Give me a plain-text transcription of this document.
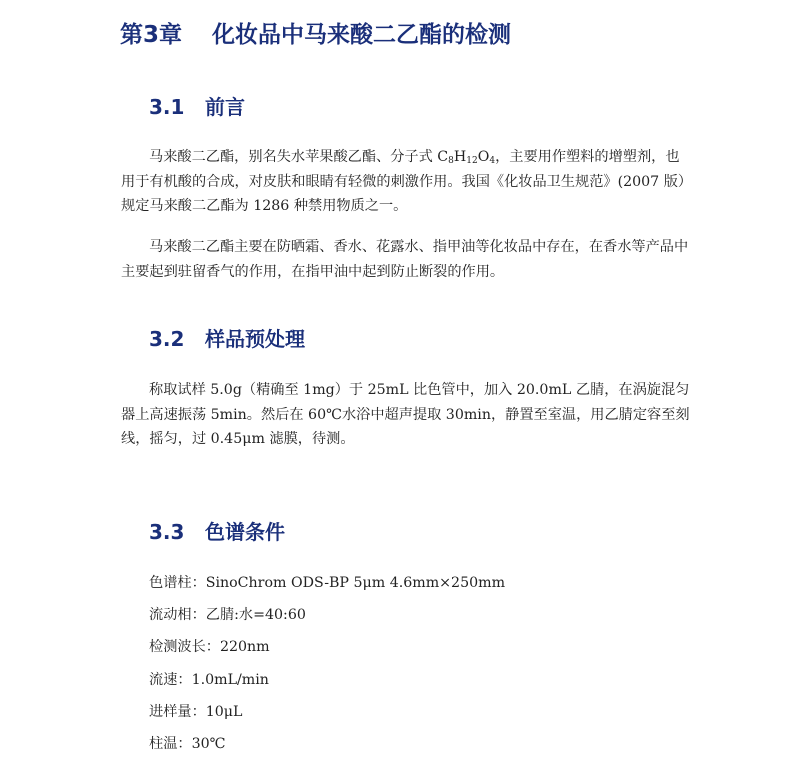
第3章 化妆品中马来酸二乙酯的检测
3.1 前言

马来酸二乙酯，别名失水苹果酸乙酯、分子式 $C_8H_{12}O_4$，主要用作塑料的增塑剂，也用于有机酸的合成，对皮肤和眼睛有轻微的刺激作用。我国《化妆品卫生规范》(2007 版）规定马来酸二乙酯为 1286 种禁用物质之一。

马来酸二乙酯主要在防晒霜、香水、花露水、指甲油等化妆品中存在，在香水等产品中主要起到驻留香气的作用，在指甲油中起到防止断裂的作用。

3.2 样品预处理

称取试样 5.0g（精确至 1mg）于 25mL 比色管中，加入 20.0mL 乙腈，在涡旋混匀器上高速振荡 5min。然后在 60℃水浴中超声提取 30min，静置至室温，用乙腈定容至刻线，摇匀，过 0.45μm 滤膜，待测。

3.3 色谱条件

色谱柱：SinoChrom ODS-BP 5μm 4.6mm×250mm

流动相：乙腈:水=40:60

检测波长：220nm

流速：1.0mL/min

进样量：10μL

柱温：30℃
